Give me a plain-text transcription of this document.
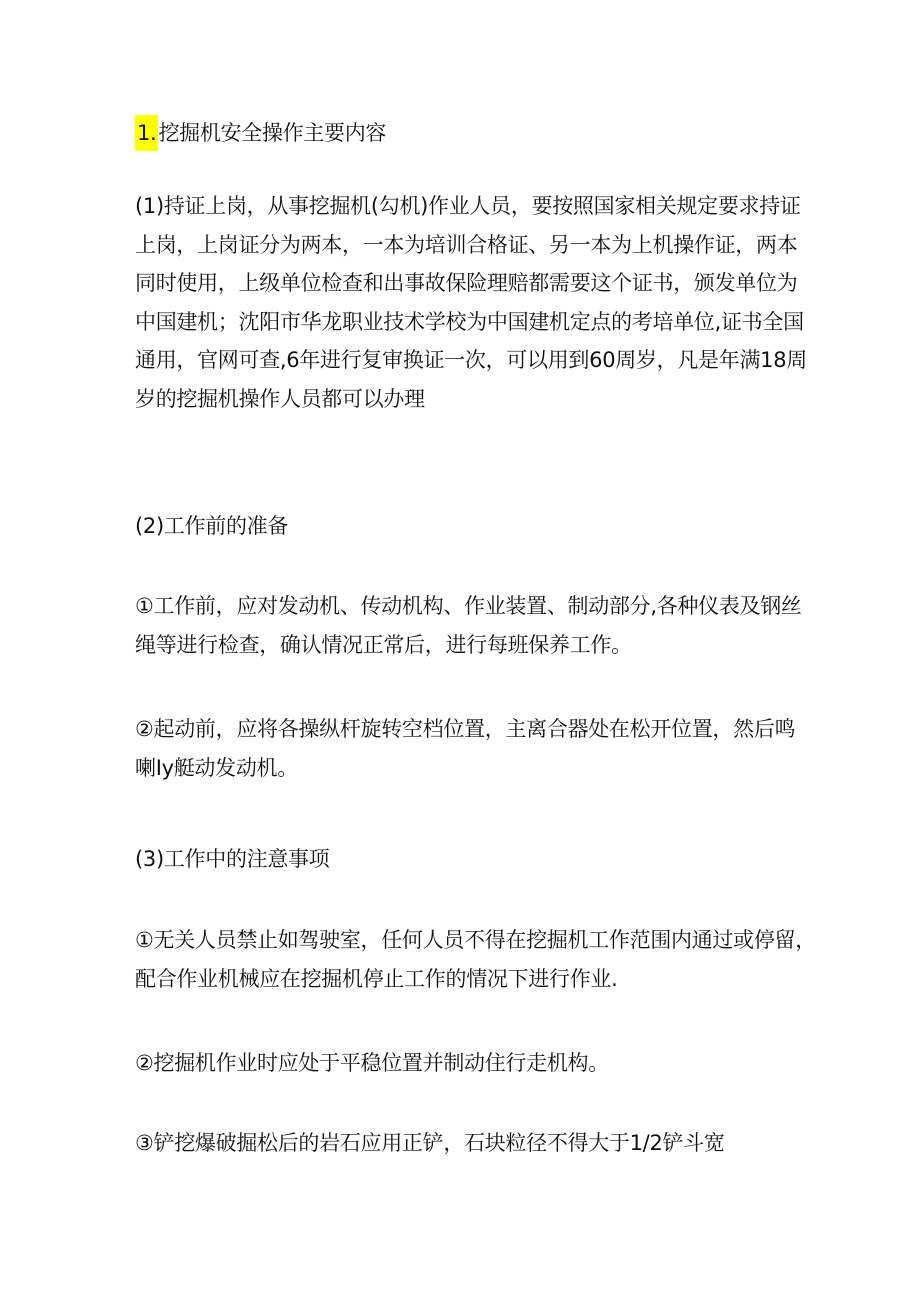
1.挖掘机安全操作主要内容
(1)持证上岗，从事挖掘机(勾机)作业人员，要按照国家相关规定要求持证
上岗，上岗证分为两本，一本为培训合格证、另一本为上机操作证，两本
同时使用，上级单位检查和出事故保险理赔都需要这个证书，颁发单位为
中国建机；沈阳市华龙职业技术学校为中国建机定点的考培单位,证书全国
通用，官网可查,6年进行复审换证一次，可以用到60周岁，凡是年满18周
岁的挖掘机操作人员都可以办理
(2)工作前的准备
①工作前，应对发动机、传动机构、作业装置、制动部分,各种仪表及钢丝
绳等进行检查，确认情况正常后，进行每班保养工作。
②起动前，应将各操纵杆旋转空档位置，主离合器处在松开位置，然后鸣
喇Iy艇动发动机。
(3)工作中的注意事项
①无关人员禁止如驾驶室，任何人员不得在挖掘机工作范围内通过或停留，
配合作业机械应在挖掘机停止工作的情况下进行作业.
②挖掘机作业时应处于平稳位置并制动住行走机构。
③铲挖爆破掘松后的岩石应用正铲，石块粒径不得大于1/2铲斗宽
